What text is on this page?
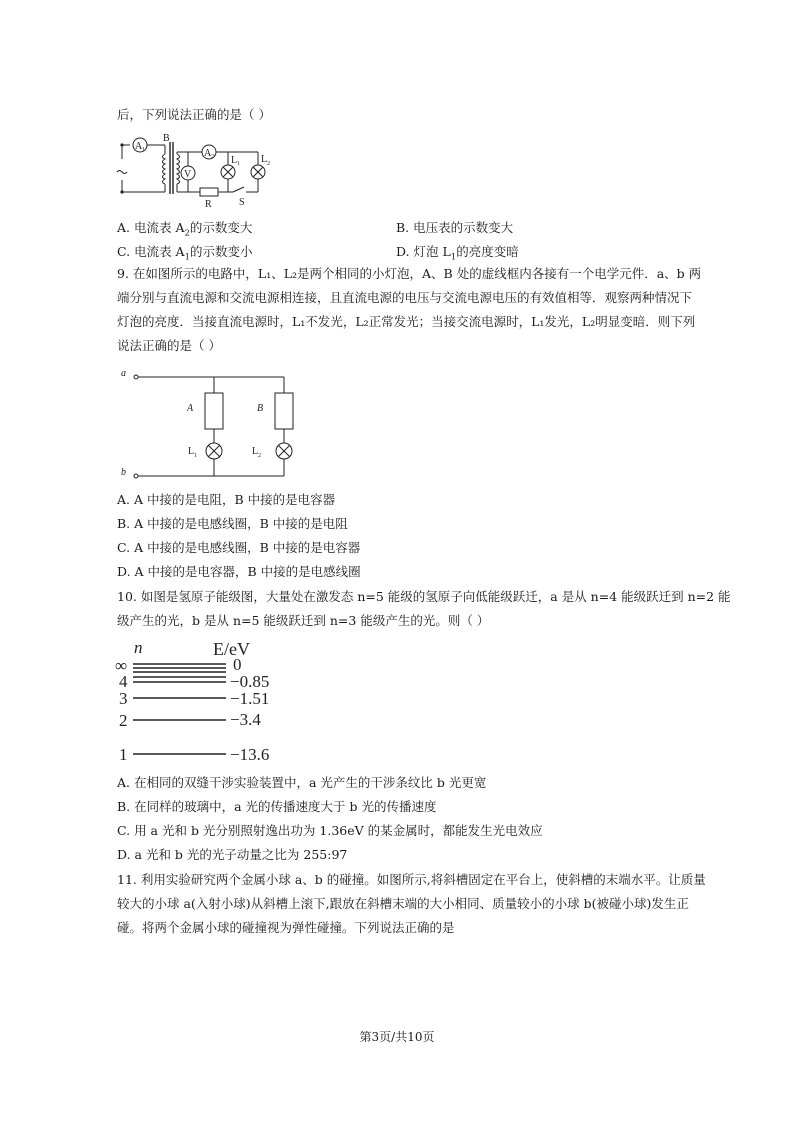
后，下列说法正确的是（ ）
A 1
B
A 2
V
L 1 L 2
R	S
A. 电流表 $A_2$的示数变大	B. 电压表的示数变大
C. 电流表 $A_1$的示数变小	D. 灯泡 $L_1$的亮度变暗
9. 在如图所示的电路中，L₁、L₂是两个相同的小灯泡，A、B 处的虚线框内各接有一个电学元件．a、b 两
端分别与直流电源和交流电源相连接，且直流电源的电压与交流电源电压的有效值相等．观察两种情况下
灯泡的亮度．当接直流电源时，L₁不发光，L₂正常发光；当接交流电源时，L₁发光，L₂明显变暗．则下列
说法正确的是（ ）
a
b
A	B
L 1	L 2
A. A 中接的是电阻，B 中接的是电容器
B. A 中接的是电感线圈，B 中接的是电阻
C. A 中接的是电感线圈，B 中接的是电容器
D. A 中接的是电容器，B 中接的是电感线圈
10. 如图是氢原子能级图，大量处在激发态 n=5 能级的氢原子向低能级跃迁，a 是从 n=4 能级跃迁到 n=2 能
级产生的光，b 是从 n=5 能级跃迁到 n=3 能级产生的光。则（ ）
n	E/eV
∞	0
4	−0.85
3	−1.51
2	−3.4
1	−13.6
A. 在相同的双缝干涉实验装置中，a 光产生的干涉条纹比 b 光更宽
B. 在同样的玻璃中，a 光的传播速度大于 b 光的传播速度
C. 用 a 光和 b 光分别照射逸出功为 1.36eV 的某金属时，都能发生光电效应
D. a 光和 b 光的光子动量之比为 255:97
11. 利用实验研究两个金属小球 a、b 的碰撞。如图所示,将斜槽固定在平台上，使斜槽的末端水平。让质量
较大的小球 a(入射小球)从斜槽上滚下,跟放在斜槽末端的大小相同、质量较小的小球 b(被碰小球)发生正
碰。将两个金属小球的碰撞视为弹性碰撞。下列说法正确的是
第3页/共10页
